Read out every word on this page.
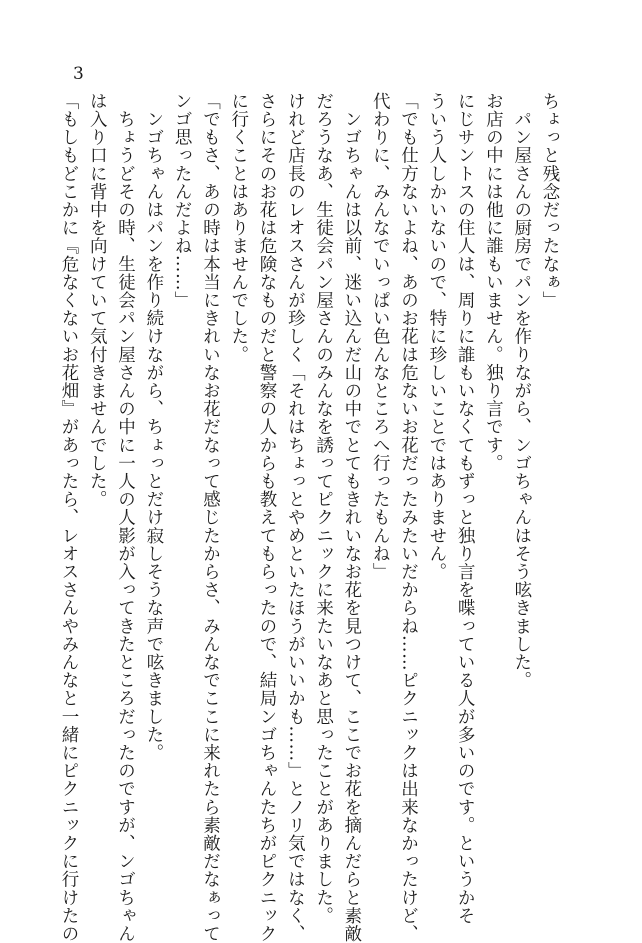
3
ちょっと残念だったなぁ」
　パン屋さんの厨房でパンを作りながら、ンゴちゃんはそう呟きました。
お店の中には他に誰もいません。独り言です。
にじサントスの住人は、周りに誰もいなくてもずっと独り言を喋っている人が多いのです。というかそ
ういう人しかいないので、特に珍しいことではありません。
「でも仕方ないよね、あのお花は危ないお花だったみたいだからね……ピクニックは出来なかったけど、
代わりに、みんなでいっぱい色んなところへ行ったもんね」
　ンゴちゃんは以前、迷い込んだ山の中でとてもきれいなお花を見つけて、ここでお花を摘んだらと素敵
だろうなあ、生徒会パン屋さんのみんなを誘ってピクニックに来たいなあと思ったことがありました。
けれど店長のレオスさんが珍しく「それはちょっとやめといたほうがいいかも……」とノリ気ではなく、
さらにそのお花は危険なものだと警察の人からも教えてもらったので、結局ンゴちゃんたちがピクニック
に行くことはありませんでした。
「でもさ、あの時は本当にきれいなお花だなって感じたからさ、みんなでここに来れたら素敵だなぁって
ンゴ思ったんだよね……」
　ンゴちゃんはパンを作り続けながら、ちょっとだけ寂しそうな声で呟きました。
　ちょうどその時、生徒会パン屋さんの中に一人の人影が入ってきたところだったのですが、ンゴちゃん
は入り口に背中を向けていて気付きませんでした。
「もしもどこかに『危なくないお花畑』があったら、レオスさんやみんなと一緒にピクニックに行けたの
